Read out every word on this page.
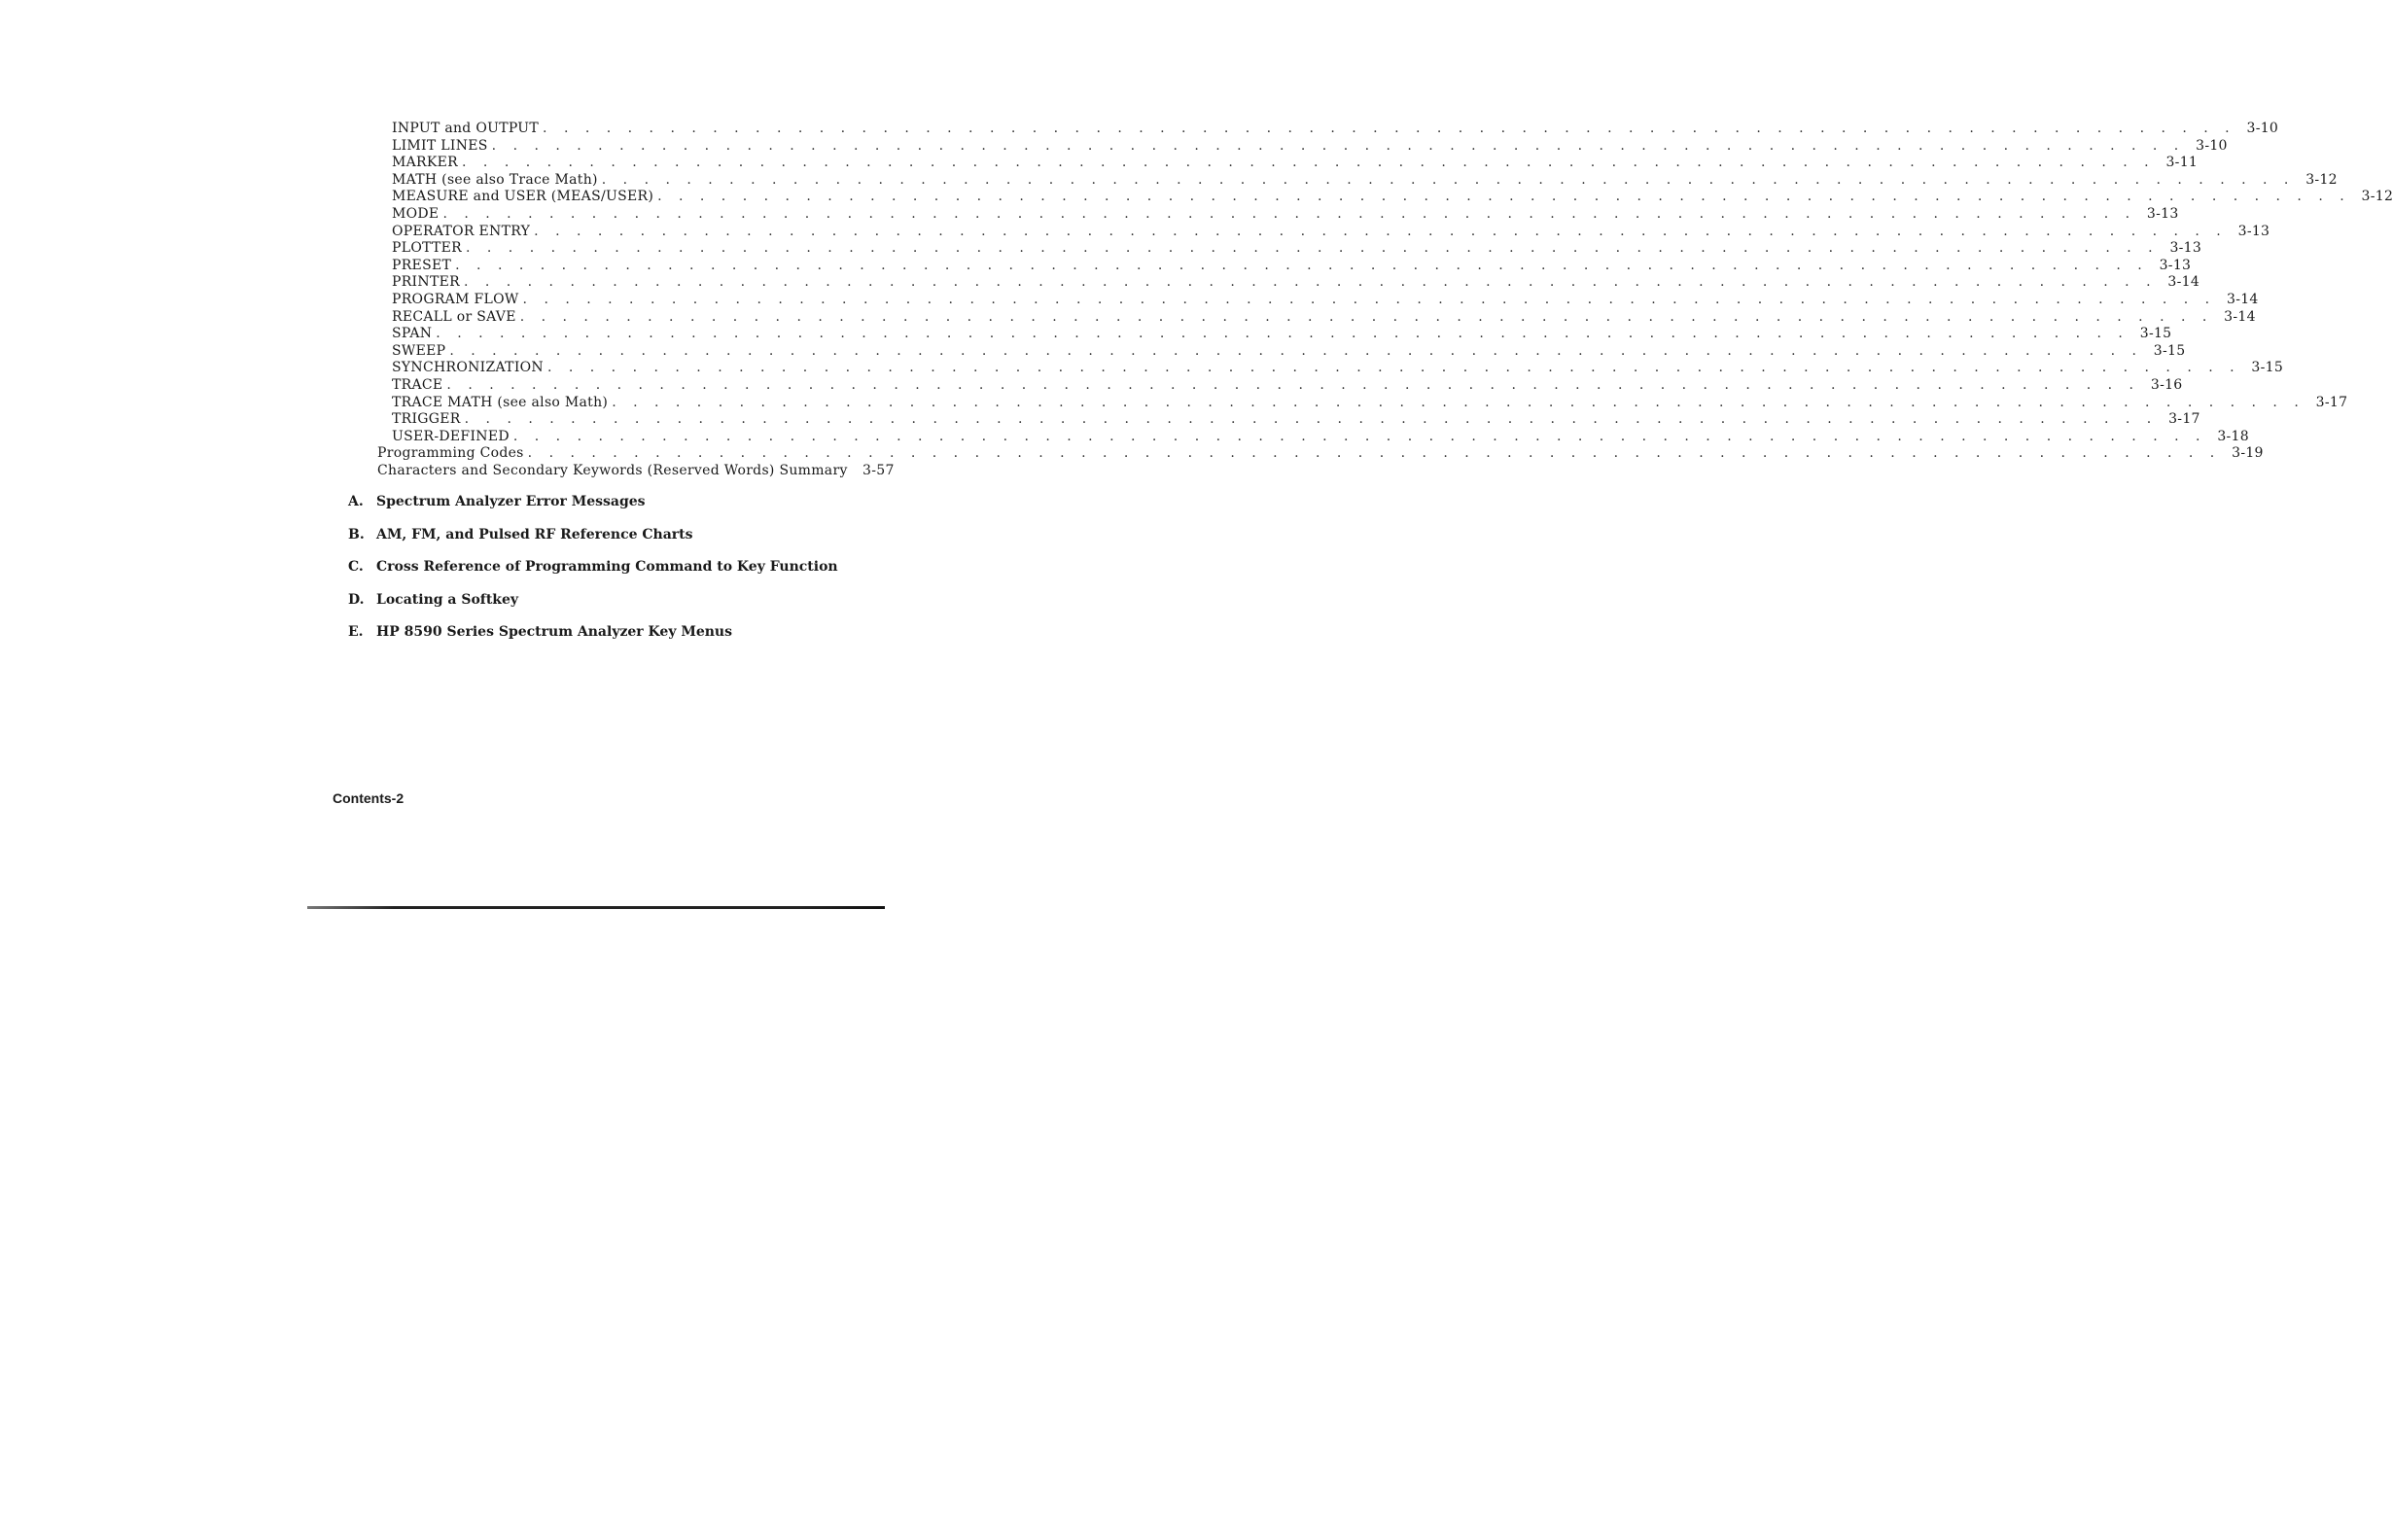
INPUT and OUTPUT . . . . . . . . . . . . . . . . . . . . . . . . . . . . . . . . . . . . . . . . . . . . . . . . . . . . . . . . . . . . . . . . . . . . . . . . . . . . . . . . 3-10
LIMIT LINES . . . . . . . . . . . . . . . . . . . . . . . . . . . . . . . . . . . . . . . . . . . . . . . . . . . . . . . . . . . . . . . . . . . . . . . . . . . . . . . . 3-10
MARKER . . . . . . . . . . . . . . . . . . . . . . . . . . . . . . . . . . . . . . . . . . . . . . . . . . . . . . . . . . . . . . . . . . . . . . . . . . . . . . . . 3-11
MATH (see also Trace Math) . . . . . . . . . . . . . . . . . . . . . . . . . . . . . . . . . . . . . . . . . . . . . . . . . . . . . . . . . . . . . . . . . . . . . . . . . . . . . . . . 3-12
MEASURE and USER (MEAS/USER) . . . . . . . . . . . . . . . . . . . . . . . . . . . . . . . . . . . . . . . . . . . . . . . . . . . . . . . . . . . . . . . . . . . . . . . . . . . . . . . . 3-12
MODE . . . . . . . . . . . . . . . . . . . . . . . . . . . . . . . . . . . . . . . . . . . . . . . . . . . . . . . . . . . . . . . . . . . . . . . . . . . . . . . . 3-13
OPERATOR ENTRY . . . . . . . . . . . . . . . . . . . . . . . . . . . . . . . . . . . . . . . . . . . . . . . . . . . . . . . . . . . . . . . . . . . . . . . . . . . . . . . . 3-13
PLOTTER . . . . . . . . . . . . . . . . . . . . . . . . . . . . . . . . . . . . . . . . . . . . . . . . . . . . . . . . . . . . . . . . . . . . . . . . . . . . . . . . 3-13
PRESET . . . . . . . . . . . . . . . . . . . . . . . . . . . . . . . . . . . . . . . . . . . . . . . . . . . . . . . . . . . . . . . . . . . . . . . . . . . . . . . . 3-13
PRINTER . . . . . . . . . . . . . . . . . . . . . . . . . . . . . . . . . . . . . . . . . . . . . . . . . . . . . . . . . . . . . . . . . . . . . . . . . . . . . . . . 3-14
PROGRAM FLOW . . . . . . . . . . . . . . . . . . . . . . . . . . . . . . . . . . . . . . . . . . . . . . . . . . . . . . . . . . . . . . . . . . . . . . . . . . . . . . . . 3-14
RECALL or SAVE . . . . . . . . . . . . . . . . . . . . . . . . . . . . . . . . . . . . . . . . . . . . . . . . . . . . . . . . . . . . . . . . . . . . . . . . . . . . . . . . 3-14
SPAN . . . . . . . . . . . . . . . . . . . . . . . . . . . . . . . . . . . . . . . . . . . . . . . . . . . . . . . . . . . . . . . . . . . . . . . . . . . . . . . . 3-15
SWEEP . . . . . . . . . . . . . . . . . . . . . . . . . . . . . . . . . . . . . . . . . . . . . . . . . . . . . . . . . . . . . . . . . . . . . . . . . . . . . . . . 3-15
SYNCHRONIZATION . . . . . . . . . . . . . . . . . . . . . . . . . . . . . . . . . . . . . . . . . . . . . . . . . . . . . . . . . . . . . . . . . . . . . . . . . . . . . . . . 3-15
TRACE . . . . . . . . . . . . . . . . . . . . . . . . . . . . . . . . . . . . . . . . . . . . . . . . . . . . . . . . . . . . . . . . . . . . . . . . . . . . . . . . 3-16
TRACE MATH (see also Math) . . . . . . . . . . . . . . . . . . . . . . . . . . . . . . . . . . . . . . . . . . . . . . . . . . . . . . . . . . . . . . . . . . . . . . . . . . . . . . . . 3-17
TRIGGER . . . . . . . . . . . . . . . . . . . . . . . . . . . . . . . . . . . . . . . . . . . . . . . . . . . . . . . . . . . . . . . . . . . . . . . . . . . . . . . . 3-17
USER-DEFINED . . . . . . . . . . . . . . . . . . . . . . . . . . . . . . . . . . . . . . . . . . . . . . . . . . . . . . . . . . . . . . . . . . . . . . . . . . . . . . . . 3-18
Programming Codes . . . . . . . . . . . . . . . . . . . . . . . . . . . . . . . . . . . . . . . . . . . . . . . . . . . . . . . . . . . . . . . . . . . . . . . . . . . . . . . . 3-19
Characters and Secondary Keywords (Reserved Words) Summary	3-57
A. Spectrum Analyzer Error Messages
B. AM, FM, and Pulsed RF Reference Charts
C. Cross Reference of Programming Command to Key Function
D. Locating a Softkey
E. HP 8590 Series Spectrum Analyzer Key Menus
Contents-2
